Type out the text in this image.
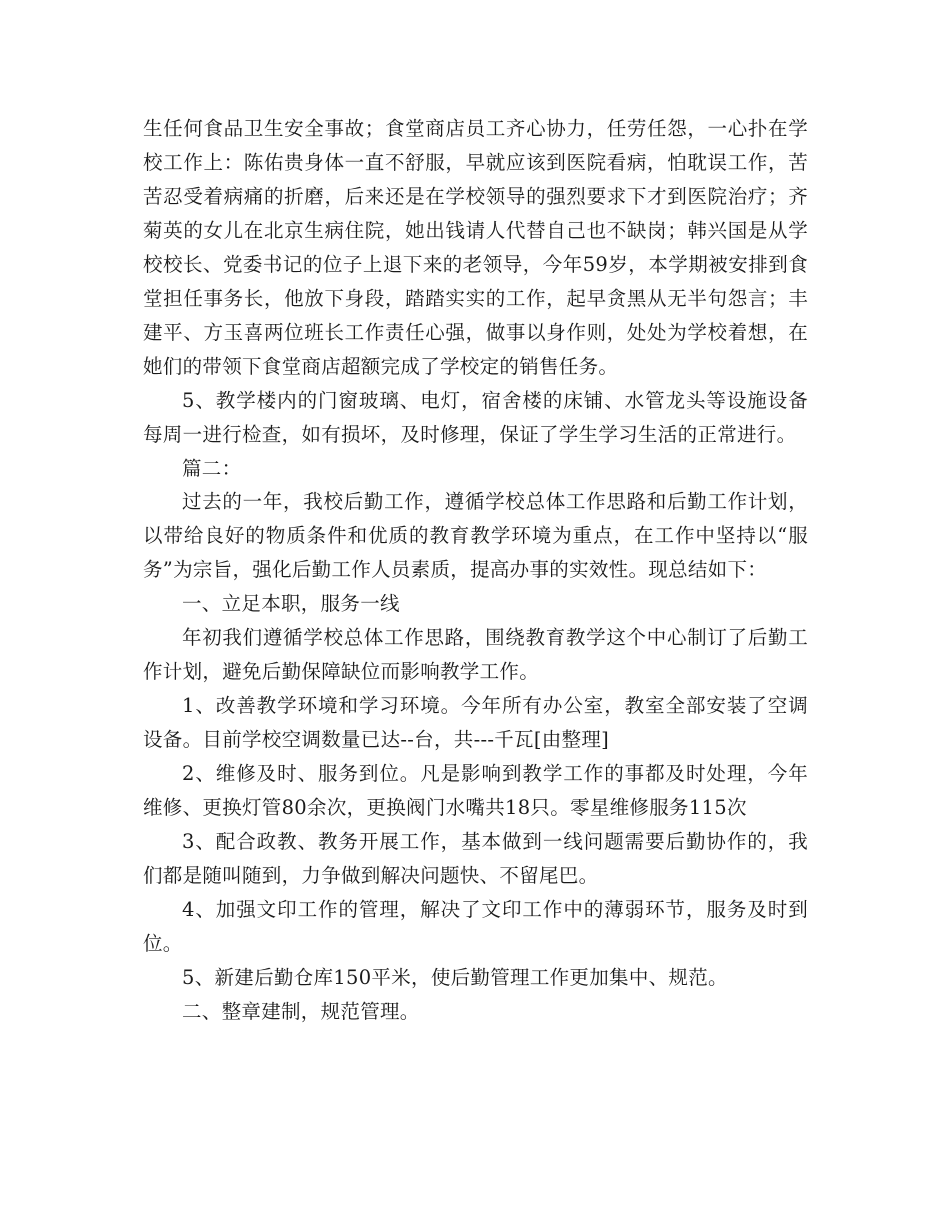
生任何食品卫生安全事故；食堂商店员工齐心协力，任劳任怨，一心扑在学校工作上：陈佑贵身体一直不舒服，早就应该到医院看病，怕耽误工作，苦苦忍受着病痛的折磨，后来还是在学校领导的强烈要求下才到医院治疗；齐菊英的女儿在北京生病住院，她出钱请人代替自己也不缺岗；韩兴国是从学校校长、党委书记的位子上退下来的老领导，今年59岁，本学期被安排到食堂担任事务长，他放下身段，踏踏实实的工作，起早贪黑从无半句怨言；丰建平、方玉喜两位班长工作责任心强，做事以身作则，处处为学校着想，在她们的带领下食堂商店超额完成了学校定的销售任务。

5、教学楼内的门窗玻璃、电灯，宿舍楼的床铺、水管龙头等设施设备每周一进行检查，如有损坏，及时修理，保证了学生学习生活的正常进行。

篇二：

过去的一年，我校后勤工作，遵循学校总体工作思路和后勤工作计划，以带给良好的物质条件和优质的教育教学环境为重点，在工作中坚持以“服务”为宗旨，强化后勤工作人员素质，提高办事的实效性。现总结如下：

一、立足本职，服务一线

年初我们遵循学校总体工作思路，围绕教育教学这个中心制订了后勤工作计划，避免后勤保障缺位而影响教学工作。

1、改善教学环境和学习环境。今年所有办公室，教室全部安装了空调设备。目前学校空调数量已达--台，共---千瓦[由整理]

2、维修及时、服务到位。凡是影响到教学工作的事都及时处理，今年维修、更换灯管80余次，更换阀门水嘴共18只。零星维修服务115次

3、配合政教、教务开展工作，基本做到一线问题需要后勤协作的，我们都是随叫随到，力争做到解决问题快、不留尾巴。

4、加强文印工作的管理，解决了文印工作中的薄弱环节，服务及时到位。

5、新建后勤仓库150平米，使后勤管理工作更加集中、规范。

二、整章建制，规范管理。
